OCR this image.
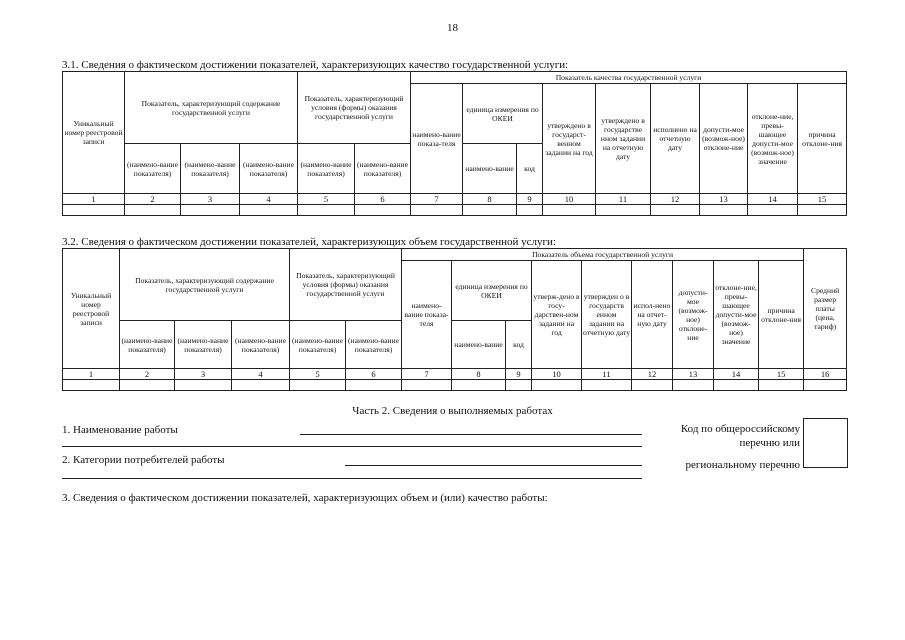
18
3.1. Сведения о фактическом достижении показателей, характеризующих качество государственной услуги:
Уникальный номер реестровой записи	Показатель, характеризующий содержание государственной услуги			Показатель, характеризующий условия (формы) оказания государственной услуги		Показатель качества государственной услуги								
						наимено-вание показа-теля	единица измерения по ОКЕИ		утверждено в государст-венном задании на год	утверждено в государстве нном задании на отчетную дату	исполнено на отчетную дату	допусти-мое (возмож-ное) отклоне-ние	отклоне-ние, превы-шающее допусти-мое (возмож-ное) значение	причина отклоне-ния
	(наимено-вание показателя)	(наимено-вание показателя)	(наимено-вание показателя)	(наимено-вание показателя)	(наимено-вание показателя)		наимено-вание	код						
1	2	3	4	5	6	7	8	9	10	11	12	13	14	15

3.2. Сведения о фактическом достижении показателей, характеризующих объем государственной услуги:
Уникальный номер реестровой записи	Показатель, характеризующий содержание государственной услуги			Показатель, характеризующий условия (формы) оказания государственной услуги		Показатель объема государственной услуги									Средний размер платы (цена, тариф)
						наимено-вание показа-теля	единица измерения по ОКЕИ		утверж-дено в госу-дарствен-ном задании на год	утвержден о в государств енном задании на отчетную дату	испол-нено на отчет-ную дату	допусти-мое (возмож-ное) отклоне-ние	отклоне-ние, превы-шающее допусти-мое (возмож-ное) значение	причина отклоне-ния	
	(наимено-вание показателя)	(наимено-вание показателя)	(наимено-вание показателя)	(наимено-вание показателя)	(наимено-вание показателя)		наимено-вание	код							
1	2	3	4	5	6	7	8	9	10	11	12	13	14	15	16

Часть 2. Сведения о выполняемых работах
1. Наименование работы
2. Категории потребителей работы
Код по общероссийскому
перечню или
региональному перечню
3. Сведения о фактическом достижении показателей, характеризующих объем и (или) качество работы:
